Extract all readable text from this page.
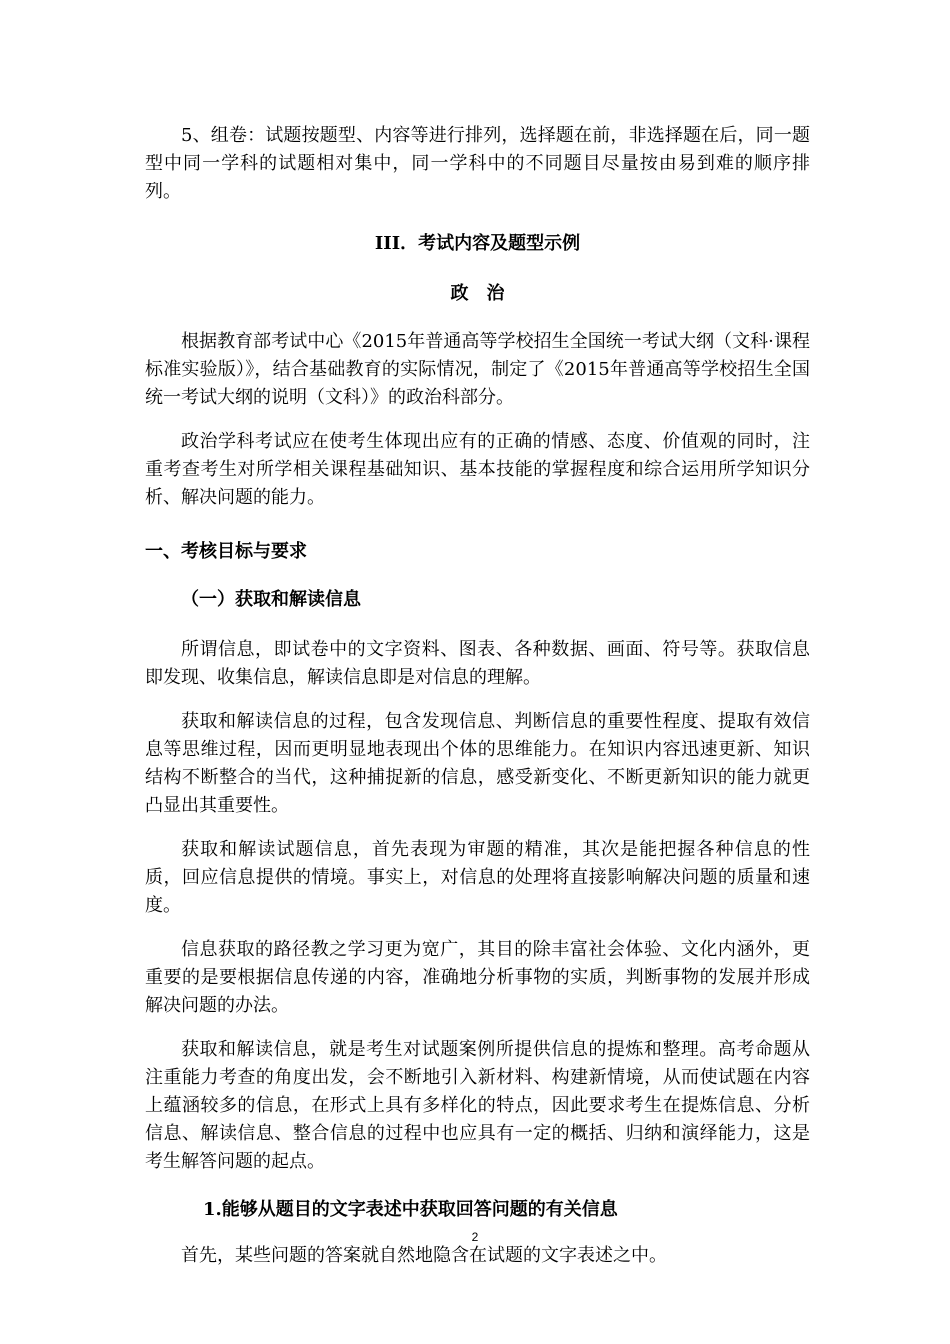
5、组卷：试题按题型、内容等进行排列，选择题在前，非选择题在后，同一题型中同一学科的试题相对集中，同一学科中的不同题目尽量按由易到难的顺序排列。

III．考试内容及题型示例

政　治

根据教育部考试中心《2015年普通高等学校招生全国统一考试大纲（文科·课程标准实验版）》，结合基础教育的实际情况，制定了《2015年普通高等学校招生全国统一考试大纲的说明（文科）》的政治科部分。

政治学科考试应在使考生体现出应有的正确的情感、态度、价值观的同时，注重考查考生对所学相关课程基础知识、基本技能的掌握程度和综合运用所学知识分析、解决问题的能力。

一、考核目标与要求

（一）获取和解读信息

所谓信息，即试卷中的文字资料、图表、各种数据、画面、符号等。获取信息即发现、收集信息，解读信息即是对信息的理解。

获取和解读信息的过程，包含发现信息、判断信息的重要性程度、提取有效信息等思维过程，因而更明显地表现出个体的思维能力。在知识内容迅速更新、知识结构不断整合的当代，这种捕捉新的信息，感受新变化、不断更新知识的能力就更凸显出其重要性。

获取和解读试题信息，首先表现为审题的精准，其次是能把握各种信息的性质，回应信息提供的情境。事实上，对信息的处理将直接影响解决问题的质量和速度。

信息获取的路径教之学习更为宽广，其目的除丰富社会体验、文化内涵外，更重要的是要根据信息传递的内容，准确地分析事物的实质，判断事物的发展并形成解决问题的办法。

获取和解读信息，就是考生对试题案例所提供信息的提炼和整理。高考命题从注重能力考查的角度出发，会不断地引入新材料、构建新情境，从而使试题在内容上蕴涵较多的信息，在形式上具有多样化的特点，因此要求考生在提炼信息、分析信息、解读信息、整合信息的过程中也应具有一定的概括、归纳和演绎能力，这是考生解答问题的起点。

1.能够从题目的文字表述中获取回答问题的有关信息

首先，某些问题的答案就自然地隐含在试题的文字表述之中。

2
